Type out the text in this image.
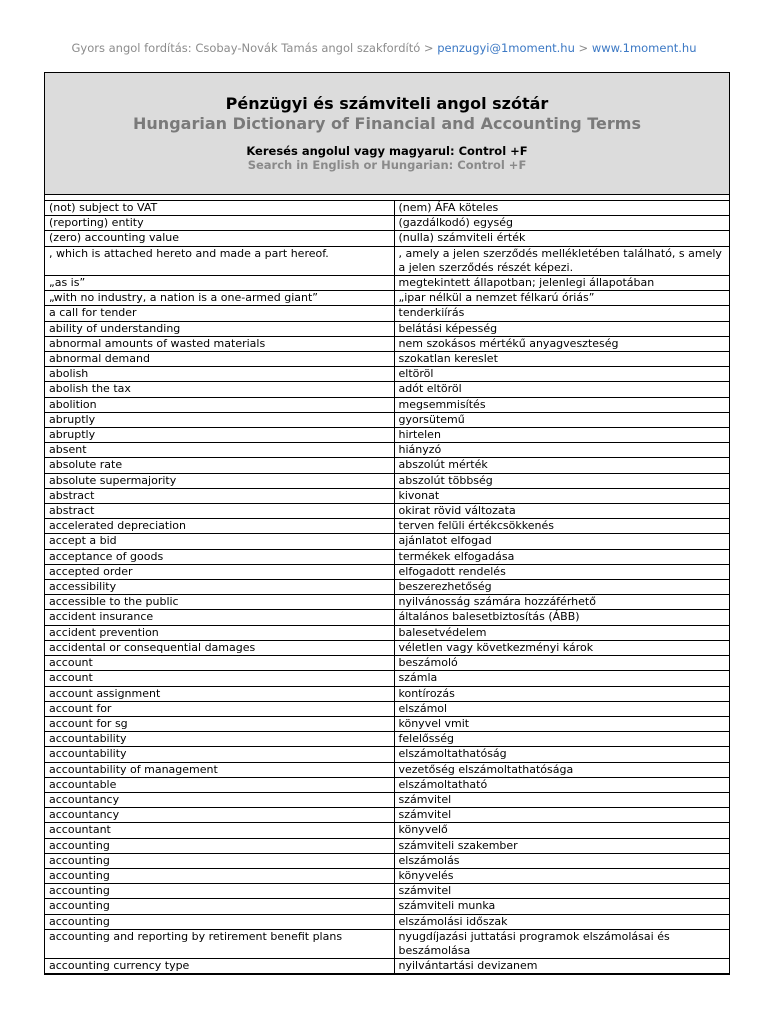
Gyors angol fordítás: Csobay-Novák Tamás angol szakfordító > penzugyi@1moment.hu > www.1moment.hu
Pénzügyi és számviteli angol szótár
Hungarian Dictionary of Financial and Accounting Terms
Keresés angolul vagy magyarul: Control +F
Search in English or Hungarian: Control +F
(not) subject to VAT	(nem) ÁFA köteles
(reporting) entity	(gazdálkodó) egység
(zero) accounting value	(nulla) számviteli érték
, which is attached hereto and made a part hereof.	, amely a jelen szerződés mellékletében található, s amely a jelen szerződés részét képezi.
„as is”	megtekintett állapotban; jelenlegi állapotában
„with no industry, a nation is a one-armed giant”	„ipar nélkül a nemzet félkarú óriás”
a call for tender	tenderkiírás
ability of understanding	belátási képesség
abnormal amounts of wasted materials	nem szokásos mértékű anyagveszteség
abnormal demand	szokatlan kereslet
abolish	eltöröl
abolish the tax	adót eltöröl
abolition	megsemmisítés
abruptly	gyorsütemű
abruptly	hirtelen
absent	hiányzó
absolute rate	abszolút mérték
absolute supermajority	abszolút többség
abstract	kivonat
abstract	okirat rövid változata
accelerated depreciation	terven felüli értékcsökkenés
accept a bid	ajánlatot elfogad
acceptance of goods	termékek elfogadása
accepted order	elfogadott rendelés
accessibility	beszerezhetőség
accessible to the public	nyilvánosság számára hozzáférhető
accident insurance	általános balesetbiztosítás (ÁBB)
accident prevention	balesetvédelem
accidental or consequential damages	véletlen vagy következményi károk
account	beszámoló
account	számla
account assignment	kontírozás
account for	elszámol
account for sg	könyvel vmit
accountability	felelősség
accountability	elszámoltathatóság
accountability of management	vezetőség elszámoltathatósága
accountable	elszámoltatható
accountancy	számvitel
accountancy	számvitel
accountant	könyvelő
accounting	számviteli szakember
accounting	elszámolás
accounting	könyvelés
accounting	számvitel
accounting	számviteli munka
accounting	elszámolási időszak
accounting and reporting by retirement benefit plans	nyugdíjazási juttatási programok elszámolásai és beszámolása
accounting currency type	nyilvántartási devizanem
